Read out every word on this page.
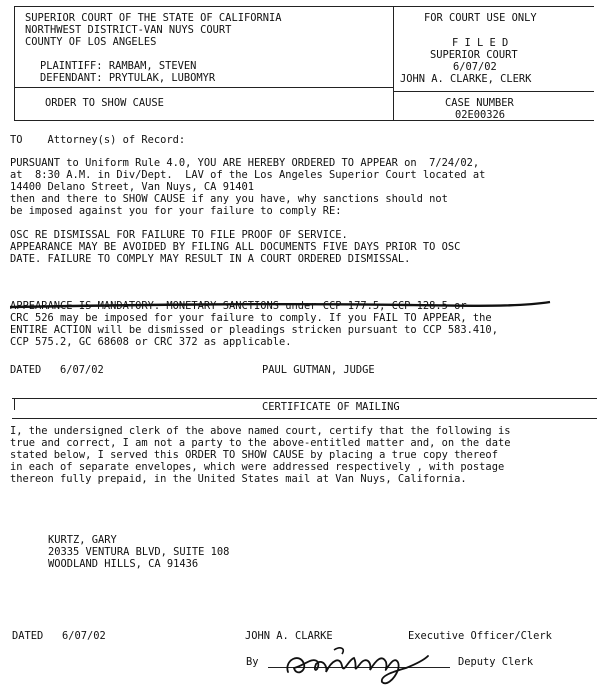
SUPERIOR COURT OF THE STATE OF CALIFORNIA
NORTHWEST DISTRICT-VAN NUYS COURT
COUNTY OF LOS ANGELES
PLAINTIFF: RAMBAM, STEVEN
DEFENDANT: PRYTULAK, LUBOMYR
ORDER TO SHOW CAUSE
FOR COURT USE ONLY
F I L E D
SUPERIOR COURT
6/07/02
JOHN A. CLARKE, CLERK
CASE NUMBER
02E00326
TO    Attorney(s) of Record:
PURSUANT to Uniform Rule 4.0, YOU ARE HEREBY ORDERED TO APPEAR on  7/24/02,
at  8:30 A.M. in Div/Dept.  LAV of the Los Angeles Superior Court located at
14400 Delano Street, Van Nuys, CA 91401
then and there to SHOW CAUSE if any you have, why sanctions should not
be imposed against you for your failure to comply RE:
OSC RE DISMISSAL FOR FAILURE TO FILE PROOF OF SERVICE.
APPEARANCE MAY BE AVOIDED BY FILING ALL DOCUMENTS FIVE DAYS PRIOR TO OSC
DATE. FAILURE TO COMPLY MAY RESULT IN A COURT ORDERED DISMISSAL.
APPEARANCE IS MANDATORY. MONETARY SANCTIONS under CCP 177.5, CCP 128.5 or
CRC 526 may be imposed for your failure to comply. If you FAIL TO APPEAR, the
ENTIRE ACTION will be dismissed or pleadings stricken pursuant to CCP 583.410,
CCP 575.2, GC 68608 or CRC 372 as applicable.
DATED 6/07/02	PAUL GUTMAN, JUDGE
CERTIFICATE OF MAILING
I, the undersigned clerk of the above named court, certify that the following is
true and correct, I am not a party to the above-entitled matter and, on the date
stated below, I served this ORDER TO SHOW CAUSE by placing a true copy thereof
in each of separate envelopes, which were addressed respectively , with postage
thereon fully prepaid, in the United States mail at Van Nuys, California.
KURTZ, GARY
20335 VENTURA BLVD, SUITE 108
WOODLAND HILLS, CA 91436
DATED 6/07/02	JOHN A. CLARKE	Executive Officer/Clerk
By	Deputy Clerk
